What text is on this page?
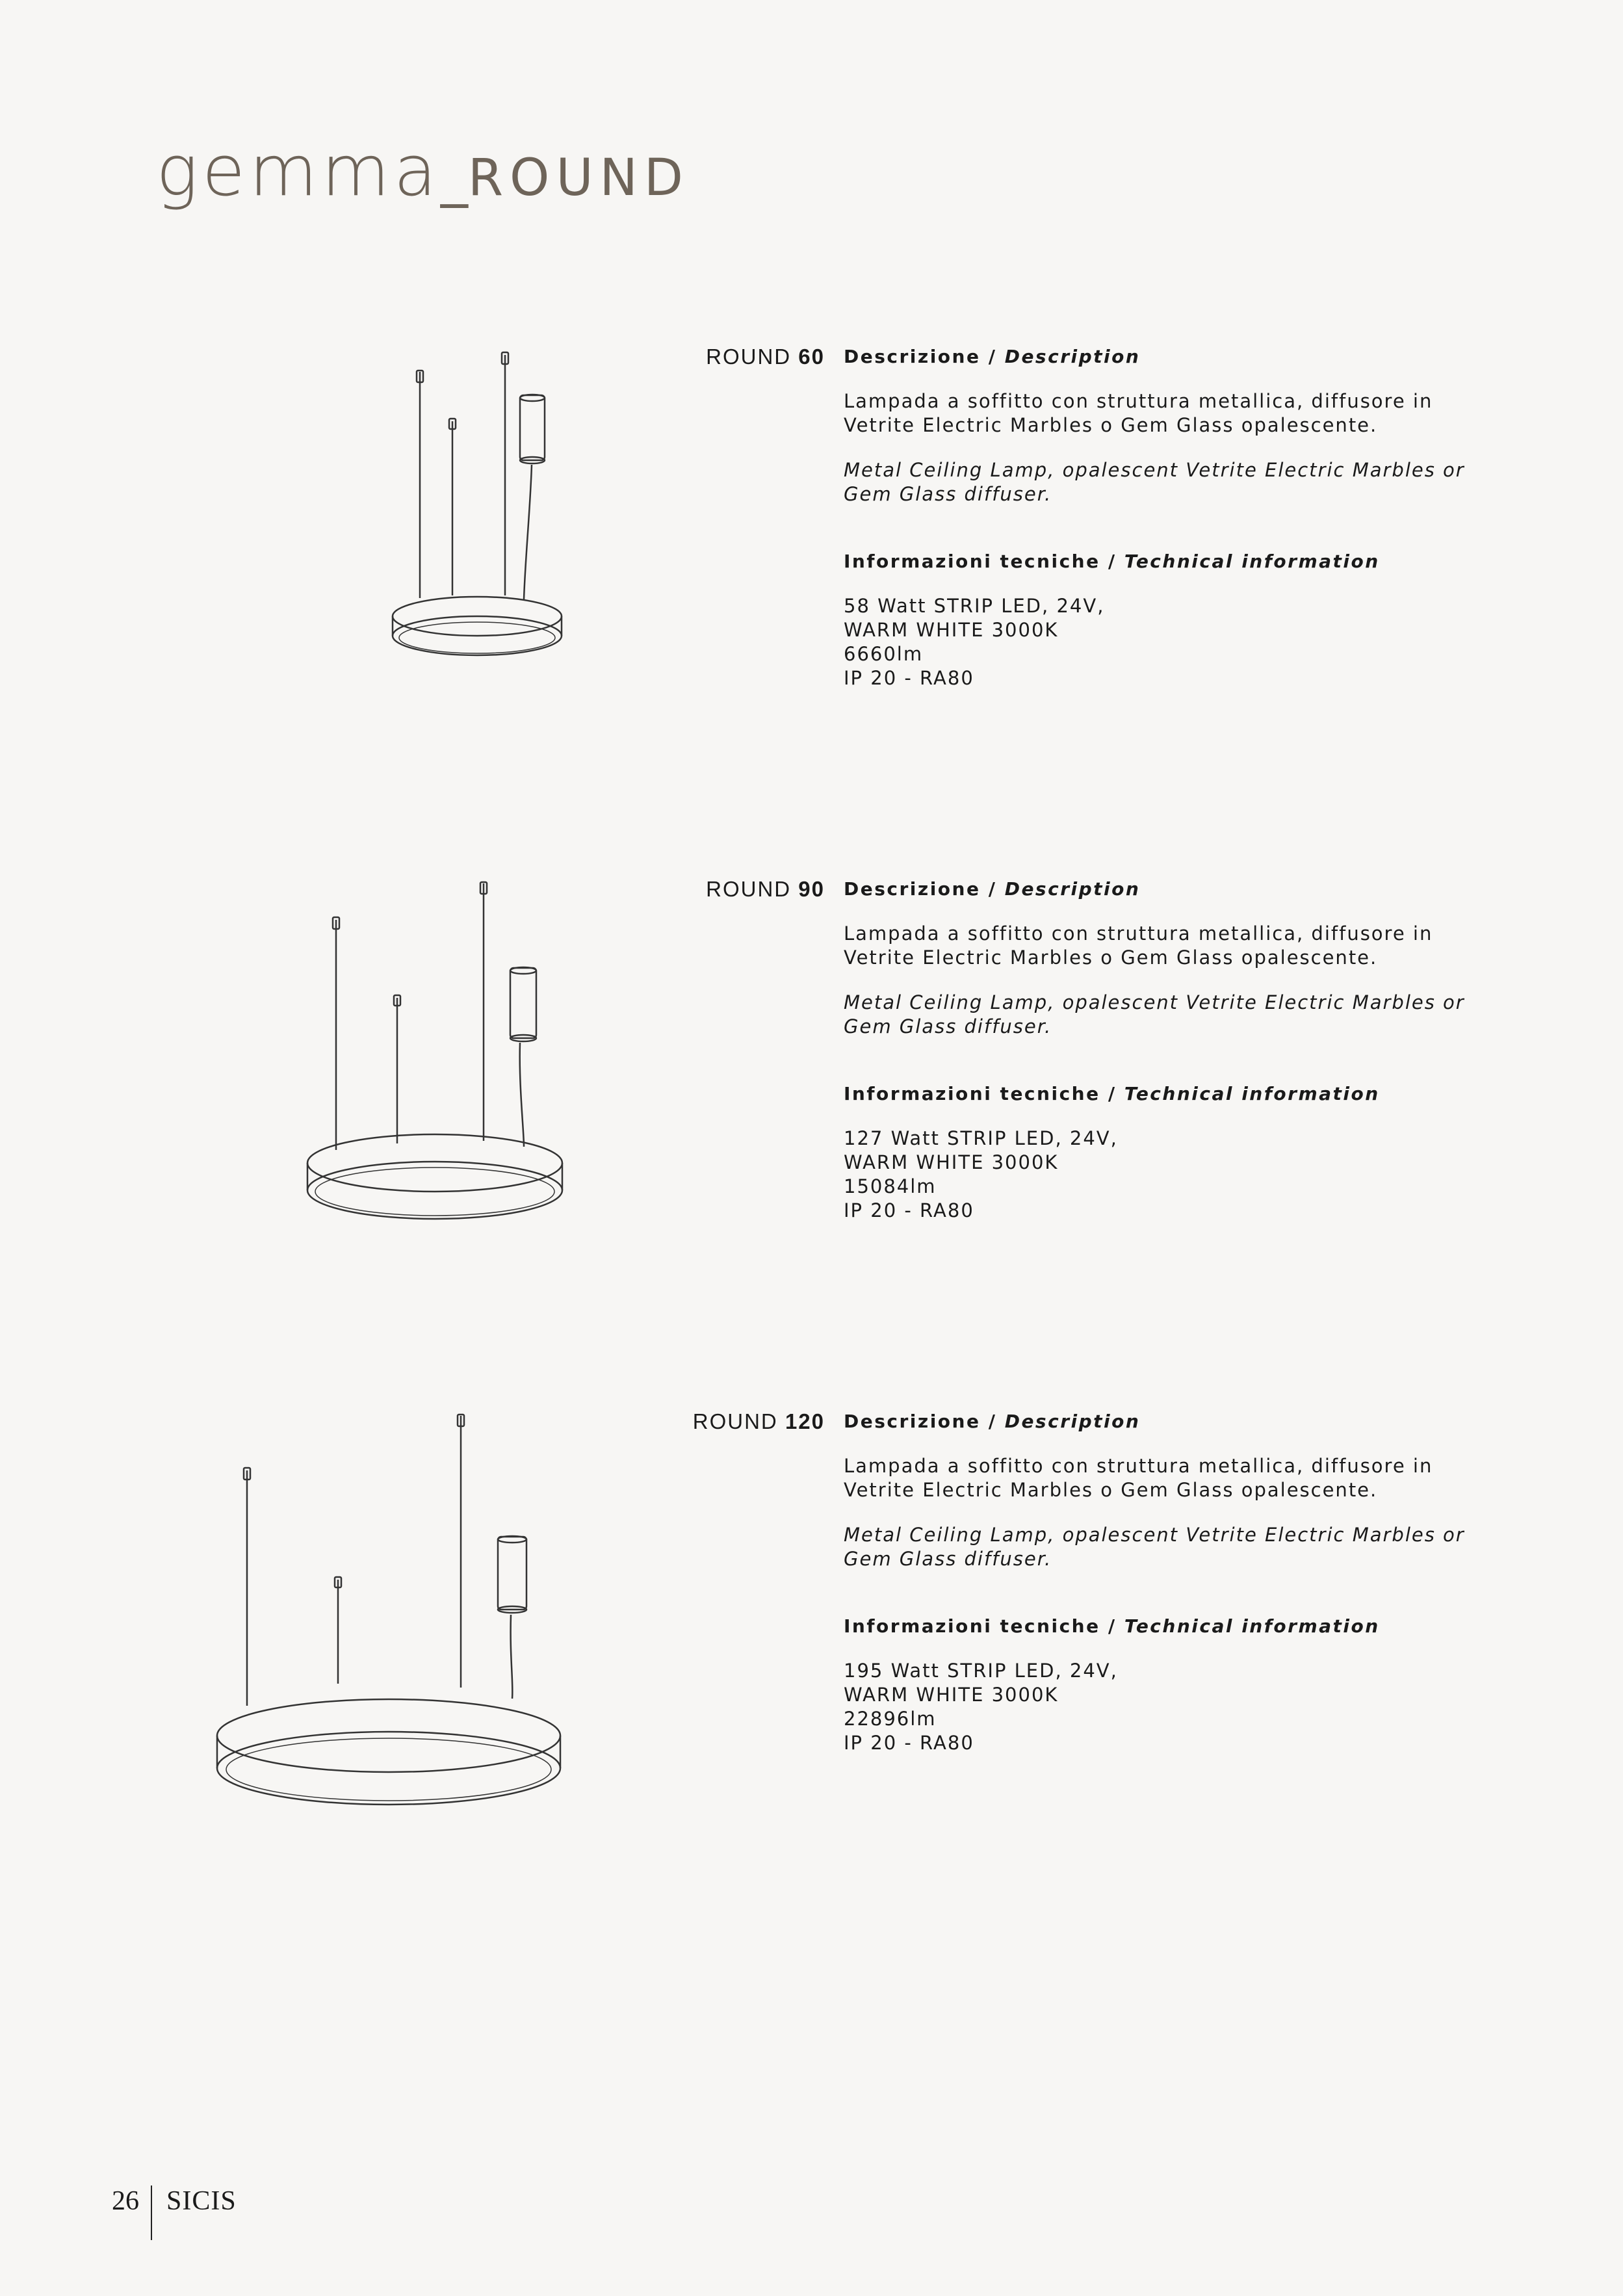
gemma_ROUND
ROUND 60 Descrizione / Description

Lampada a soffitto con struttura metallica, diffusore in Vetrite Electric Marbles o Gem Glass opalescente.

Metal Ceiling Lamp, opalescent Vetrite Electric Marbles or Gem Glass diffuser.

Informazioni tecniche / Technical information

58 Watt STRIP LED, 24V,

WARM WHITE 3000K

6660lm

IP 20 - RA80

ROUND 90 Descrizione / Description

Lampada a soffitto con struttura metallica, diffusore in Vetrite Electric Marbles o Gem Glass opalescente.

Metal Ceiling Lamp, opalescent Vetrite Electric Marbles or Gem Glass diffuser.

Informazioni tecniche / Technical information

127 Watt STRIP LED, 24V,

WARM WHITE 3000K

15084lm

IP 20 - RA80

ROUND 120 Descrizione / Description

Lampada a soffitto con struttura metallica, diffusore in Vetrite Electric Marbles o Gem Glass opalescente.

Metal Ceiling Lamp, opalescent Vetrite Electric Marbles or Gem Glass diffuser.

Informazioni tecniche / Technical information

195 Watt STRIP LED, 24V,

WARM WHITE 3000K

22896lm

IP 20 - RA80

26	SICIS
